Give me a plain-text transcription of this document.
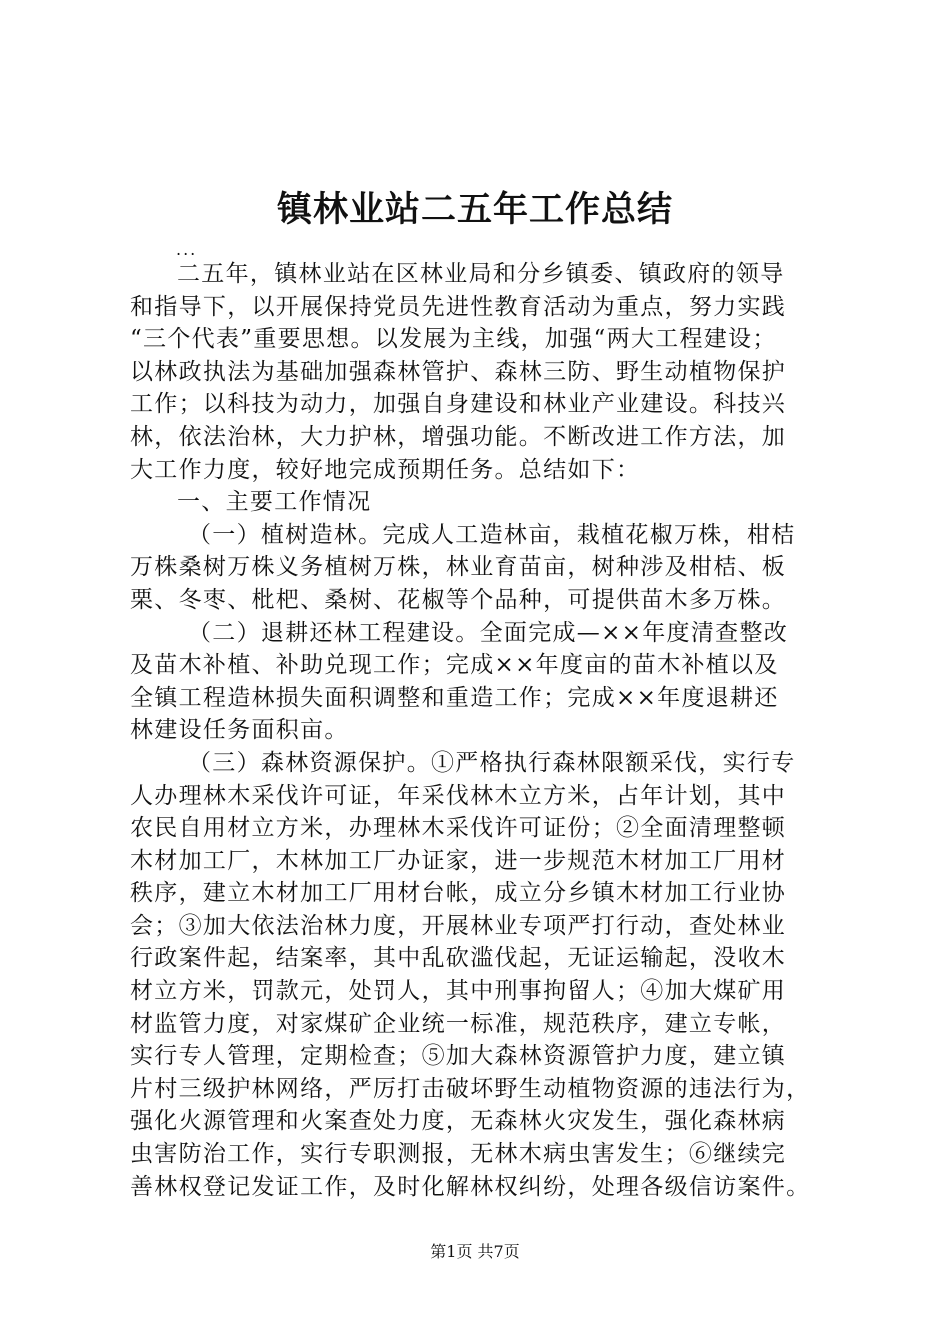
镇林业站二五年工作总结
...
二五年，镇林业站在区林业局和分乡镇委、镇政府的领导
和指导下，以开展保持党员先进性教育活动为重点，努力实践
“三个代表”重要思想。以发展为主线，加强“两大工程建设；
以林政执法为基础加强森林管护、森林三防、野生动植物保护
工作；以科技为动力，加强自身建设和林业产业建设。科技兴
林，依法治林，大力护林，增强功能。不断改进工作方法，加
大工作力度，较好地完成预期任务。总结如下：
一、主要工作情况
（一）植树造林。完成人工造林亩，栽植花椒万株，柑桔
万株桑树万株义务植树万株，林业育苗亩，树种涉及柑桔、板
栗、冬枣、枇杷、桑树、花椒等个品种，可提供苗木多万株。
（二）退耕还林工程建设。全面完成—××年度清查整改
及苗木补植、补助兑现工作；完成××年度亩的苗木补植以及
全镇工程造林损失面积调整和重造工作；完成××年度退耕还
林建设任务面积亩。
（三）森林资源保护。①严格执行森林限额采伐，实行专
人办理林木采伐许可证，年采伐林木立方米，占年计划，其中
农民自用材立方米，办理林木采伐许可证份；②全面清理整顿
木材加工厂，木林加工厂办证家，进一步规范木材加工厂用材
秩序，建立木材加工厂用材台帐，成立分乡镇木材加工行业协
会；③加大依法治林力度，开展林业专项严打行动，查处林业
行政案件起，结案率，其中乱砍滥伐起，无证运输起，没收木
材立方米，罚款元，处罚人，其中刑事拘留人；④加大煤矿用
材监管力度，对家煤矿企业统一标准，规范秩序，建立专帐，
实行专人管理，定期检查；⑤加大森林资源管护力度，建立镇
片村三级护林网络，严厉打击破坏野生动植物资源的违法行为，
强化火源管理和火案查处力度，无森林火灾发生，强化森林病
虫害防治工作，实行专职测报，无林木病虫害发生；⑥继续完
善林权登记发证工作，及时化解林权纠纷，处理各级信访案件。
第1页 共7页
